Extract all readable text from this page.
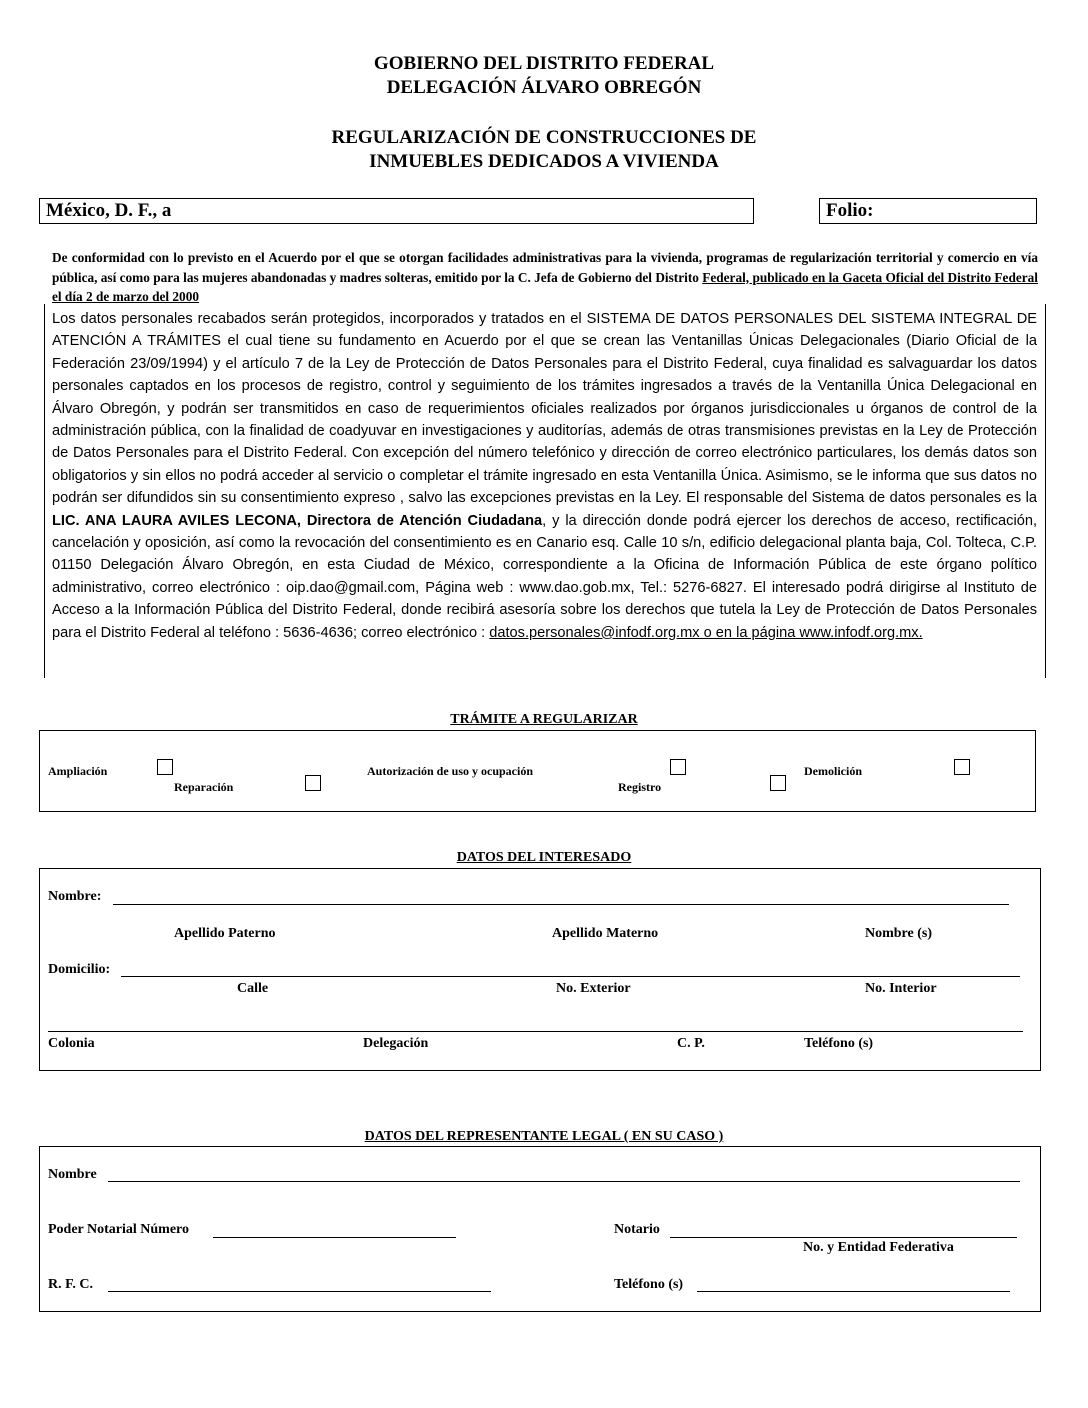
GOBIERNO DEL DISTRITO FEDERAL
DELEGACIÓN ÁLVARO OBREGÓN
REGULARIZACIÓN DE CONSTRUCCIONES DE
INMUEBLES DEDICADOS A VIVIENDA
México, D. F., a	Folio:
De conformidad con lo previsto en el Acuerdo por el que se otorgan facilidades administrativas para la vivienda, programas de regularización territorial y comercio en vía pública, así como para las mujeres abandonadas y madres solteras, emitido por la C. Jefa de Gobierno del Distrito Federal, publicado en la Gaceta Oficial del Distrito Federal el día 2 de marzo del 2000
Los datos personales recabados serán protegidos, incorporados y tratados en el SISTEMA DE DATOS PERSONALES DEL SISTEMA INTEGRAL DE ATENCIÓN A TRÁMITES el cual tiene su fundamento en Acuerdo por el que se crean las Ventanillas Únicas Delegacionales (Diario Oficial de la Federación 23/09/1994) y el artículo 7 de la Ley de Protección de Datos Personales para el Distrito Federal, cuya finalidad es salvaguardar los datos personales captados en los procesos de registro, control y seguimiento de los trámites ingresados a través de la Ventanilla Única Delegacional en Álvaro Obregón, y podrán ser transmitidos en caso de requerimientos oficiales realizados por órganos jurisdiccionales u órganos de control de la administración pública, con la finalidad de coadyuvar en investigaciones y auditorías, además de otras transmisiones previstas en la Ley de Protección de Datos Personales para el Distrito Federal. Con excepción del número telefónico y dirección de correo electrónico particulares, los demás datos son obligatorios y sin ellos no podrá acceder al servicio o completar el trámite ingresado en esta Ventanilla Única. Asimismo, se le informa que sus datos no podrán ser difundidos sin su consentimiento expreso , salvo las excepciones previstas en la Ley. El responsable del Sistema de datos personales es la LIC. ANA LAURA AVILES LECONA, Directora de Atención Ciudadana, y la dirección donde podrá ejercer los derechos de acceso, rectificación, cancelación y oposición, así como la revocación del consentimiento es en Canario esq. Calle 10 s/n, edificio delegacional planta baja, Col. Tolteca, C.P. 01150 Delegación Álvaro Obregón, en esta Ciudad de México, correspondiente a la Oficina de Información Pública de este órgano político administrativo, correo electrónico : oip.dao@gmail.com, Página web : www.dao.gob.mx, Tel.: 5276-6827. El interesado podrá dirigirse al Instituto de Acceso a la Información Pública del Distrito Federal, donde recibirá asesoría sobre los derechos que tutela la Ley de Protección de Datos Personales para el Distrito Federal al teléfono : 5636-4636; correo electrónico : datos.personales@infodf.org.mx o en la página www.infodf.org.mx.
TRÁMITE A REGULARIZAR
Ampliación
Reparación
Autorización de uso y ocupación
Registro
Demolición
DATOS DEL INTERESADO
Nombre:
Apellido Paterno	Apellido Materno	Nombre (s)
Domicilio:
Calle	No. Exterior	No. Interior
Colonia	Delegación	C. P.	Teléfono (s)
DATOS DEL REPRESENTANTE LEGAL ( EN SU CASO )
Nombre
Poder Notarial Número	Notario
No. y Entidad Federativa
R. F. C.	Teléfono (s)
